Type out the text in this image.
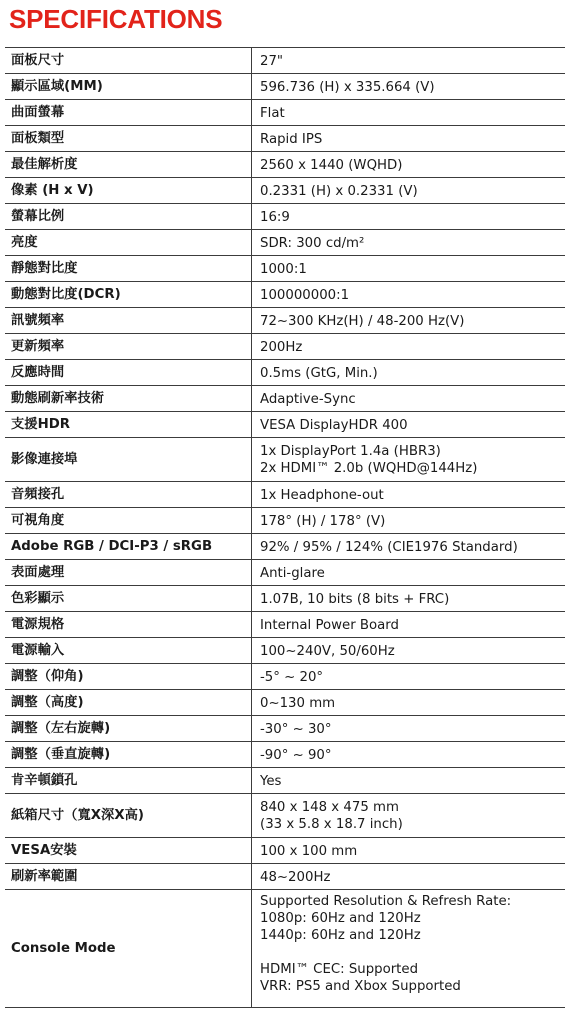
SPECIFICATIONS
面板尺寸	27"
顯示區域(MM)	596.736 (H) x 335.664 (V)
曲面螢幕	Flat
面板類型	Rapid IPS
最佳解析度	2560 x 1440 (WQHD)
像素 (H x V)	0.2331 (H) x 0.2331 (V)
螢幕比例	16:9
亮度	SDR: 300 cd/m²
靜態對比度	1000:1
動態對比度(DCR)	100000000:1
訊號頻率	72~300 KHz(H) / 48-200 Hz(V)
更新頻率	200Hz
反應時間	0.5ms (GtG, Min.)
動態刷新率技術	Adaptive-Sync
支援HDR	VESA DisplayHDR 400
影像連接埠	1x DisplayPort 1.4a (HBR3)
2x HDMI™ 2.0b (WQHD@144Hz)
音頻接孔	1x Headphone-out
可視角度	178° (H) / 178° (V)
Adobe RGB / DCI-P3 / sRGB	92% / 95% / 124% (CIE1976 Standard)
表面處理	Anti-glare
色彩顯示	1.07B, 10 bits (8 bits + FRC)
電源規格	Internal Power Board
電源輸入	100~240V, 50/60Hz
調整（仰角)	-5° ~ 20°
調整（高度)	0~130 mm
調整（左右旋轉)	-30° ~ 30°
調整（垂直旋轉)	-90° ~ 90°
肯辛頓鎖孔	Yes
紙箱尺寸（寬X深X高)	840 x 148 x 475 mm
(33 x 5.8 x 18.7 inch)
VESA安裝	100 x 100 mm
刷新率範圍	48~200Hz
Console Mode	Supported Resolution & Refresh Rate:
1080p: 60Hz and 120Hz
1440p: 60Hz and 120Hz

HDMI™ CEC: Supported
VRR: PS5 and Xbox Supported
